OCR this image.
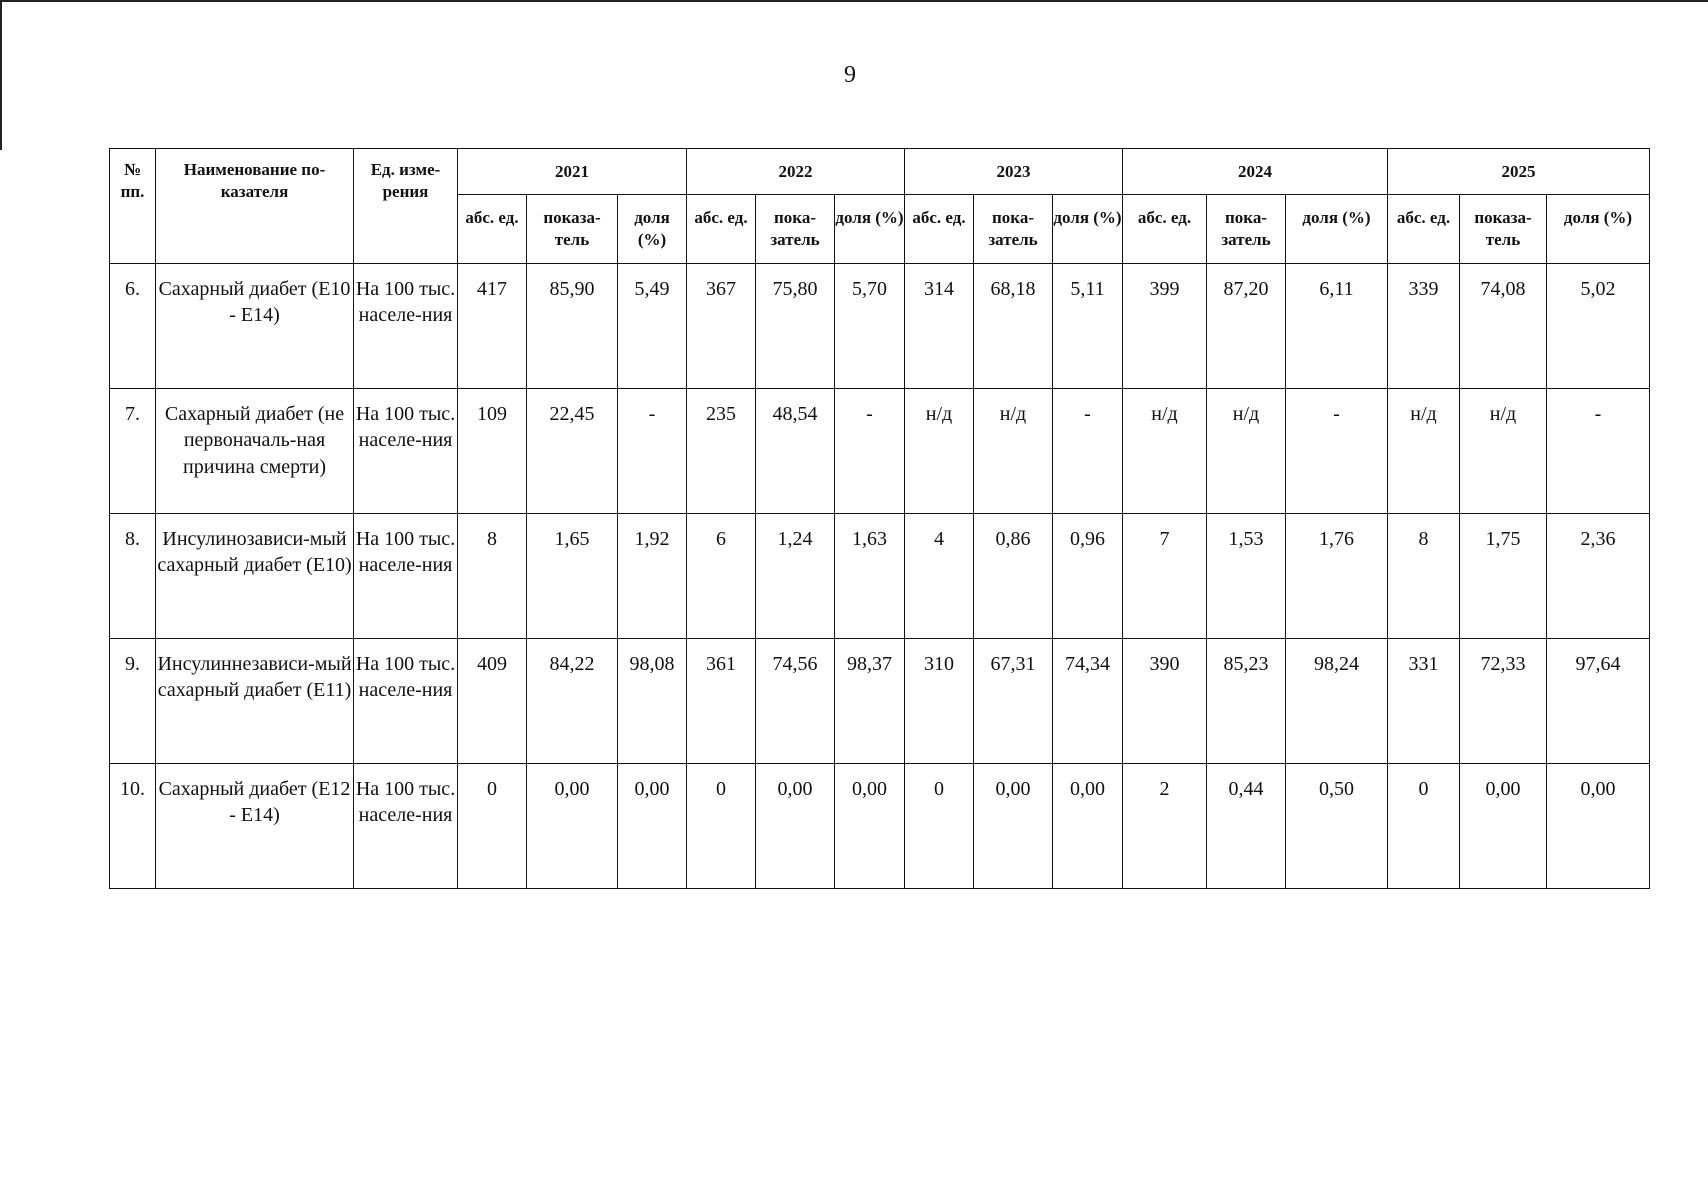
9
№ пп.	Наименование по-казателя	Ед. изме-рения	2021			2022			2023			2024			2025		
			абс. ед.	показа-тель	доля (%)	абс. ед.	пока-затель	доля (%)	абс. ед.	пока-затель	доля (%)	абс. ед.	пока-затель	доля (%)	абс. ед.	показа-тель	доля (%)
6.	Сахарный диабет (Е10 - Е14)	На 100 тыс. населе-ния	417	85,90	5,49	367	75,80	5,70	314	68,18	5,11	399	87,20	6,11	339	74,08	5,02
7.	Сахарный диабет (не первоначаль-ная причина смерти)	На 100 тыс. населе-ния	109	22,45	-	235	48,54	-	н/д	н/д	-	н/д	н/д	-	н/д	н/д	-
8.	Инсулинозависи-мый сахарный диабет (Е10)	На 100 тыс. населе-ния	8	1,65	1,92	6	1,24	1,63	4	0,86	0,96	7	1,53	1,76	8	1,75	2,36
9.	Инсулиннезависи-мый сахарный диабет (Е11)	На 100 тыс. населе-ния	409	84,22	98,08	361	74,56	98,37	310	67,31	74,34	390	85,23	98,24	331	72,33	97,64
10.	Сахарный диабет (Е12 - Е14)	На 100 тыс. населе-ния	0	0,00	0,00	0	0,00	0,00	0	0,00	0,00	2	0,44	0,50	0	0,00	0,00
